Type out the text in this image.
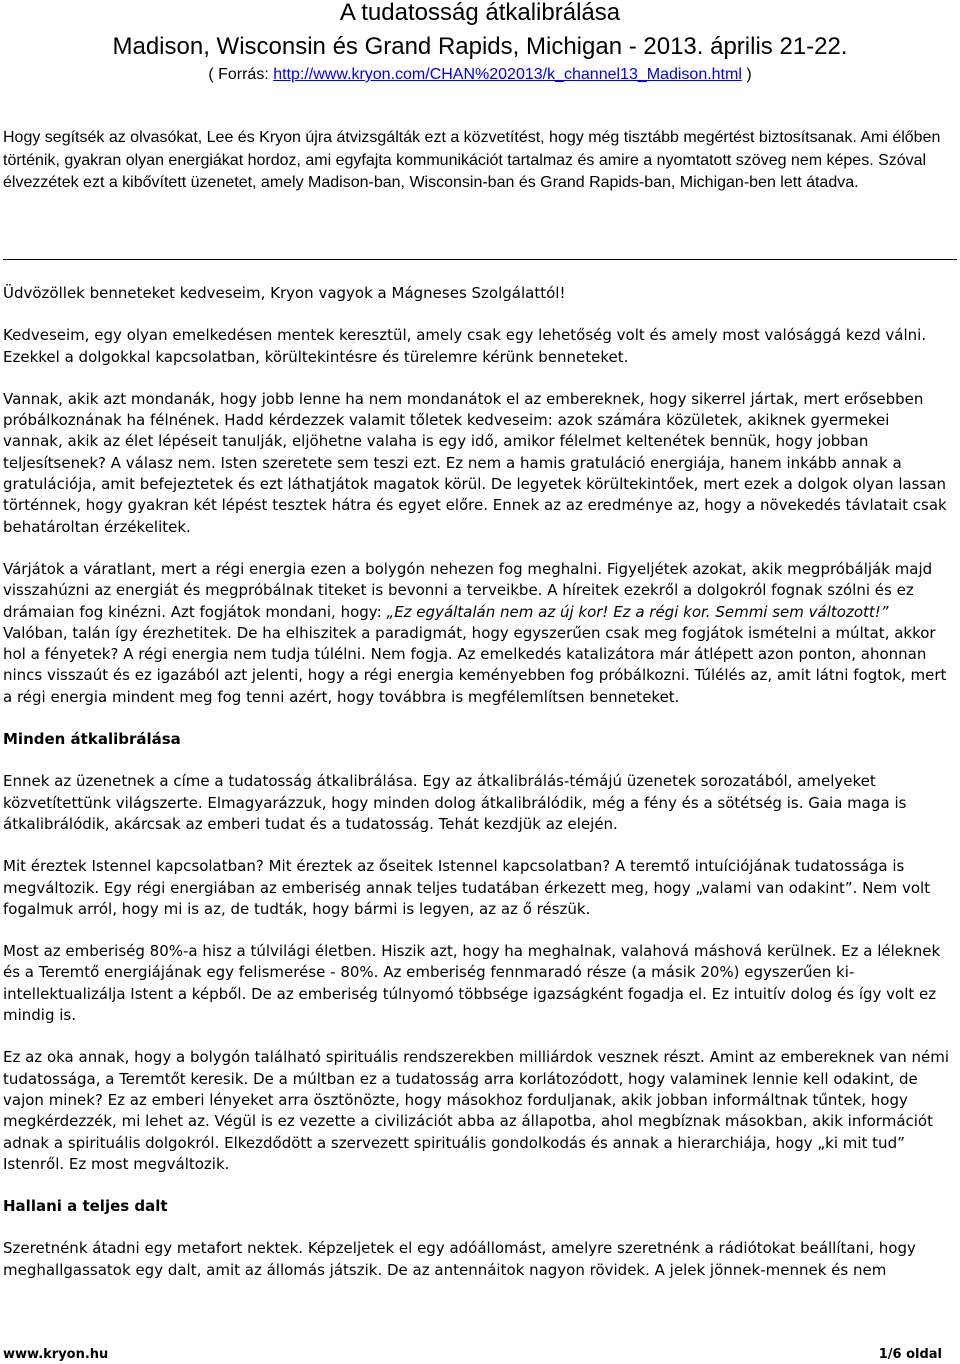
A tudatosság átkalibrálása
Madison, Wisconsin és Grand Rapids, Michigan - 2013. április 21-22.
( Forrás: http://www.kryon.com/CHAN%202013/k_channel13_Madison.html )

Hogy segítsék az olvasókat, Lee és Kryon újra átvizsgálták ezt a közvetítést, hogy még tisztább megértést biztosítsanak. Ami élőben történik, gyakran olyan energiákat hordoz, ami egyfajta kommunikációt tartalmaz és amire a nyomtatott szöveg nem képes. Szóval élvezzétek ezt a kibővített üzenetet, amely Madison-ban, Wisconsin-ban és Grand Rapids-ban, Michigan-ben lett átadva.

Üdvözöllek benneteket kedveseim, Kryon vagyok a Mágneses Szolgálattól!

Kedveseim, egy olyan emelkedésen mentek keresztül, amely csak egy lehetőség volt és amely most valósággá kezd válni. Ezekkel a dolgokkal kapcsolatban, körültekintésre és türelemre kérünk benneteket.

Vannak, akik azt mondanák, hogy jobb lenne ha nem mondanátok el az embereknek, hogy sikerrel jártak, mert erősebben próbálkoznának ha félnének. Hadd kérdezzek valamit tőletek kedveseim: azok számára közületek, akiknek gyermekei vannak, akik az élet lépéseit tanulják, eljöhetne valaha is egy idő, amikor félelmet keltenétek bennük, hogy jobban teljesítsenek? A válasz nem. Isten szeretete sem teszi ezt. Ez nem a hamis gratuláció energiája, hanem inkább annak a gratulációja, amit befejeztetek és ezt láthatjátok magatok körül. De legyetek körültekintőek, mert ezek a dolgok olyan lassan történnek, hogy gyakran két lépést tesztek hátra és egyet előre. Ennek az az eredménye az, hogy a növekedés távlatait csak behatároltan érzékelitek.

Várjátok a váratlant, mert a régi energia ezen a bolygón nehezen fog meghalni. Figyeljétek azokat, akik megpróbálják majd visszahúzni az energiát és megpróbálnak titeket is bevonni a terveikbe. A híreitek ezekről a dolgokról fognak szólni és ez drámaian fog kinézni. Azt fogjátok mondani, hogy: „Ez egyáltalán nem az új kor! Ez a régi kor. Semmi sem változott!” Valóban, talán így érezhetitek. De ha elhiszitek a paradigmát, hogy egyszerűen csak meg fogjátok ismételni a múltat, akkor hol a fényetek? A régi energia nem tudja túlélni. Nem fogja. Az emelkedés katalizátora már átlépett azon ponton, ahonnan nincs visszaút és ez igazából azt jelenti, hogy a régi energia keményebben fog próbálkozni. Túlélés az, amit látni fogtok, mert a régi energia mindent meg fog tenni azért, hogy továbbra is megfélemlítsen benneteket.

Minden átkalibrálása

Ennek az üzenetnek a címe a tudatosság átkalibrálása. Egy az átkalibrálás-témájú üzenetek sorozatából, amelyeket közvetítettünk világszerte. Elmagyarázzuk, hogy minden dolog átkalibrálódik, még a fény és a sötétség is. Gaia maga is átkalibrálódik, akárcsak az emberi tudat és a tudatosság. Tehát kezdjük az elején.

Mit éreztek Istennel kapcsolatban? Mit éreztek az őseitek Istennel kapcsolatban? A teremtő intuíciójának tudatossága is megváltozik. Egy régi energiában az emberiség annak teljes tudatában érkezett meg, hogy „valami van odakint”. Nem volt fogalmuk arról, hogy mi is az, de tudták, hogy bármi is legyen, az az ő részük.

Most az emberiség 80%-a hisz a túlvilági életben. Hiszik azt, hogy ha meghalnak, valahová máshová kerülnek. Ez a léleknek és a Teremtő energiájának egy felismerése - 80%. Az emberiség fennmaradó része (a másik 20%) egyszerűen ki-intellektualizálja Istent a képből. De az emberiség túlnyomó többsége igazságként fogadja el. Ez intuitív dolog és így volt ez mindig is.

Ez az oka annak, hogy a bolygón található spirituális rendszerekben milliárdok vesznek részt. Amint az embereknek van némi tudatossága, a Teremtőt keresik. De a múltban ez a tudatosság arra korlátozódott, hogy valaminek lennie kell odakint, de vajon minek? Ez az emberi lényeket arra ösztönözte, hogy másokhoz forduljanak, akik jobban informáltnak tűntek, hogy megkérdezzék, mi lehet az. Végül is ez vezette a civilizációt abba az állapotba, ahol megbíznak másokban, akik információt adnak a spirituális dolgokról. Elkezdődött a szervezett spirituális gondolkodás és annak a hierarchiája, hogy „ki mit tud” Istenről. Ez most megváltozik.

Hallani a teljes dalt

Szeretnénk átadni egy metafort nektek. Képzeljetek el egy adóállomást, amelyre szeretnénk a rádiótokat beállítani, hogy meghallgassatok egy dalt, amit az állomás játszik. De az antennáitok nagyon rövidek. A jelek jönnek-mennek és nem

www.kryon.hu	1/6 oldal
